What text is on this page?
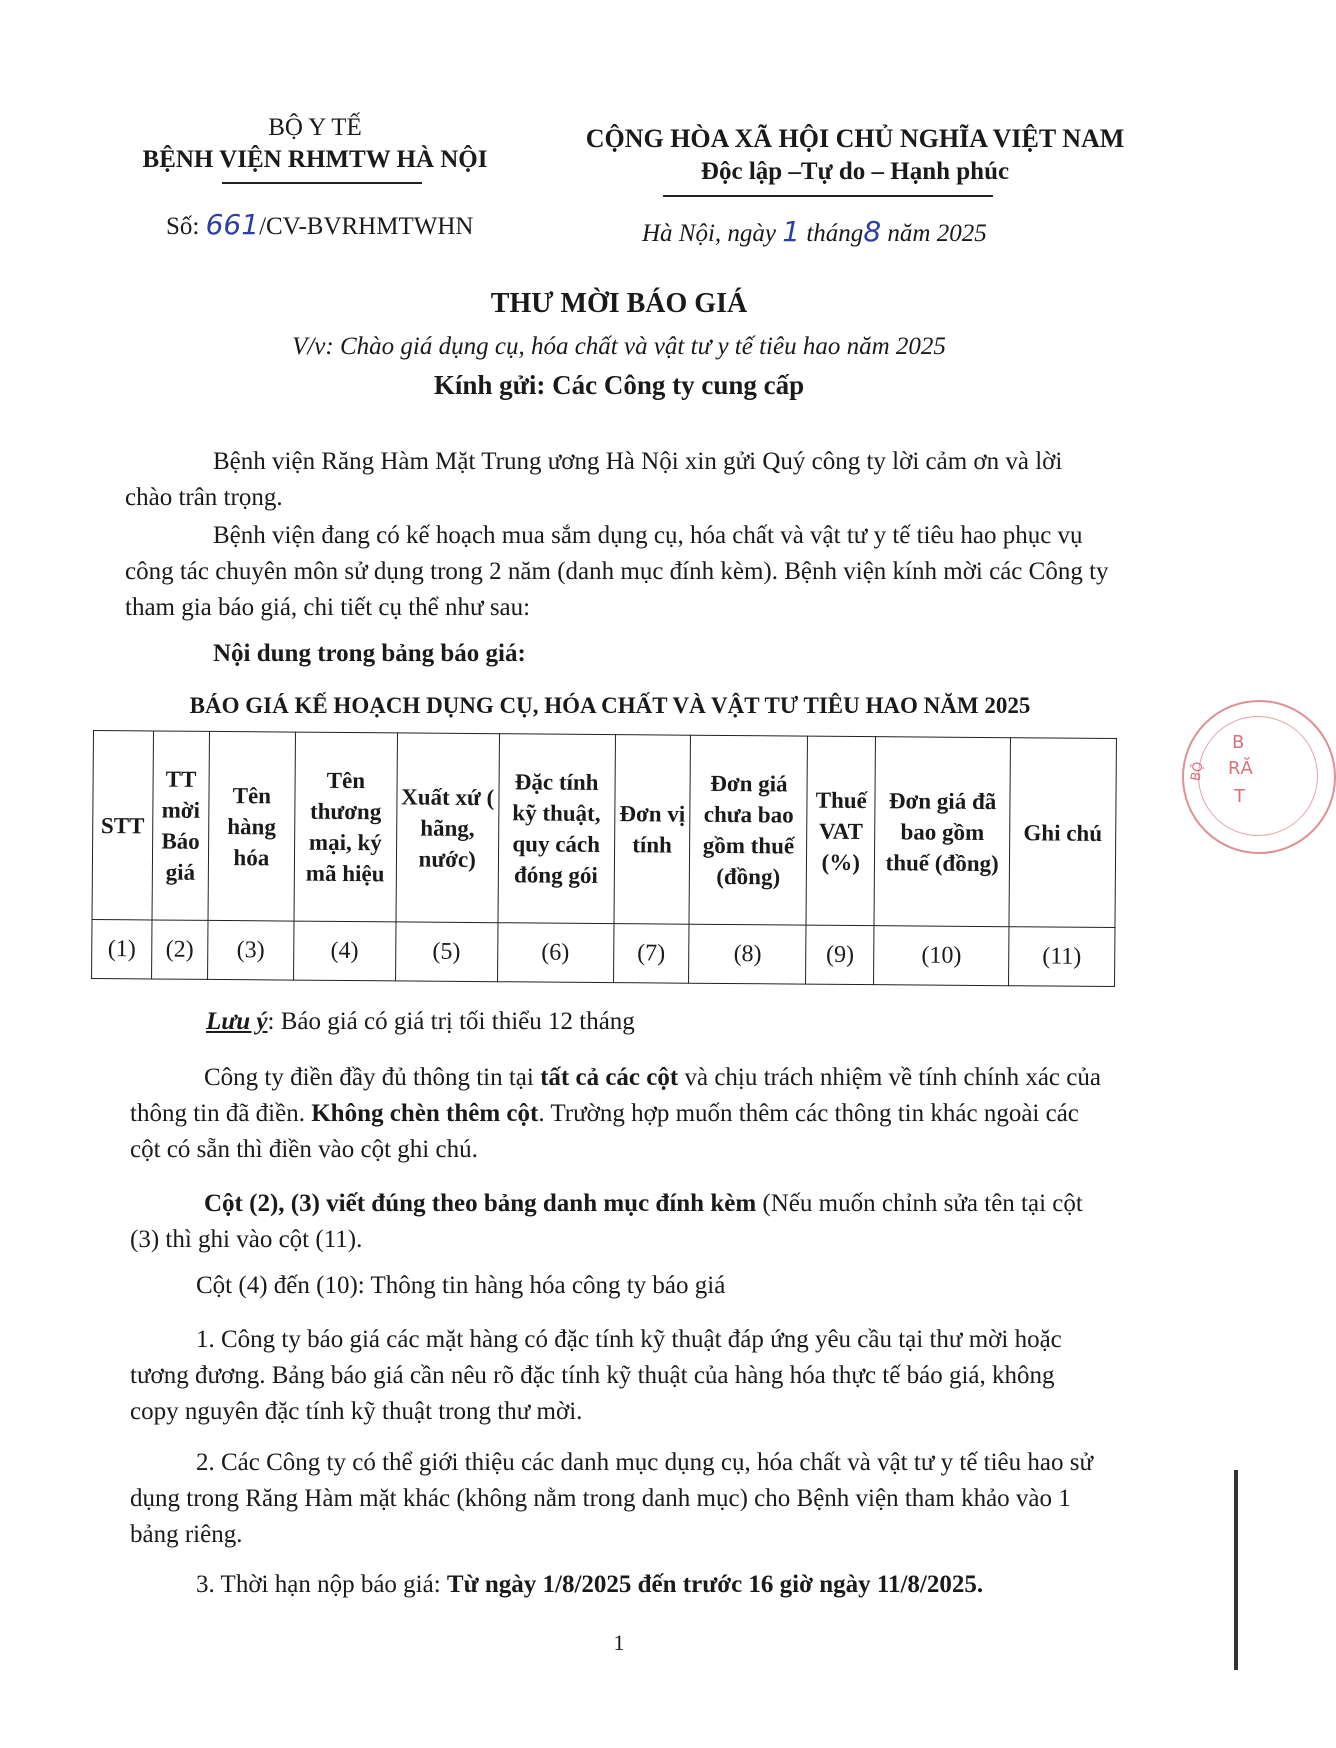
BỘ Y TẾ
BỆNH VIỆN RHMTW HÀ NỘI
Số: 661/CV-BVRHMTWHN
CỘNG HÒA XÃ HỘI CHỦ NGHĨA VIỆT NAM
Độc lập –Tự do – Hạnh phúc
Hà Nội, ngày 1 tháng8 năm 2025
THƯ MỜI BÁO GIÁ
V/v: Chào giá dụng cụ, hóa chất và vật tư y tế tiêu hao năm 2025
Kính gửi: Các Công ty cung cấp
Bệnh viện Răng Hàm Mặt Trung ương Hà Nội xin gửi Quý công ty lời cảm ơn và lời chào trân trọng.
Bệnh viện đang có kế hoạch mua sắm dụng cụ, hóa chất và vật tư y tế tiêu hao phục vụ công tác chuyên môn sử dụng trong 2 năm (danh mục đính kèm). Bệnh viện kính mời các Công ty tham gia báo giá, chi tiết cụ thể như sau:
Nội dung trong bảng báo giá:
BÁO GIÁ KẾ HOẠCH DỤNG CỤ, HÓA CHẤT VÀ VẬT TƯ TIÊU HAO NĂM 2025
STT	TT mời Báo giá	Tên hàng hóa	Tên thương mại, ký mã hiệu	Xuất xứ ( hãng, nước)	Đặc tính kỹ thuật, quy cách đóng gói	Đơn vị tính	Đơn giá chưa bao gồm thuế (đồng)	Thuế VAT (%)	Đơn giá đã bao gồm thuế (đồng)	Ghi chú
(1)	(2)	(3)	(4)	(5)	(6)	(7)	(8)	(9)	(10)	(11)
Lưu ý: Báo giá có giá trị tối thiểu 12 tháng
Công ty điền đầy đủ thông tin tại tất cả các cột và chịu trách nhiệm về tính chính xác của thông tin đã điền. Không chèn thêm cột. Trường hợp muốn thêm các thông tin khác ngoài các cột có sẵn thì điền vào cột ghi chú.
Cột (2), (3) viết đúng theo bảng danh mục đính kèm (Nếu muốn chỉnh sửa tên tại cột (3) thì ghi vào cột (11).
Cột (4) đến (10): Thông tin hàng hóa công ty báo giá
1. Công ty báo giá các mặt hàng có đặc tính kỹ thuật đáp ứng yêu cầu tại thư mời hoặc tương đương. Bảng báo giá cần nêu rõ đặc tính kỹ thuật của hàng hóa thực tế báo giá, không copy nguyên đặc tính kỹ thuật trong thư mời.
2. Các Công ty có thể giới thiệu các danh mục dụng cụ, hóa chất và vật tư y tế tiêu hao sử dụng trong Răng Hàm mặt khác (không nằm trong danh mục) cho Bệnh viện tham khảo vào 1 bảng riêng.
3. Thời hạn nộp báo giá: Từ ngày 1/8/2025 đến trước 16 giờ ngày 11/8/2025.
1
B
RĂ
T
BỘ
